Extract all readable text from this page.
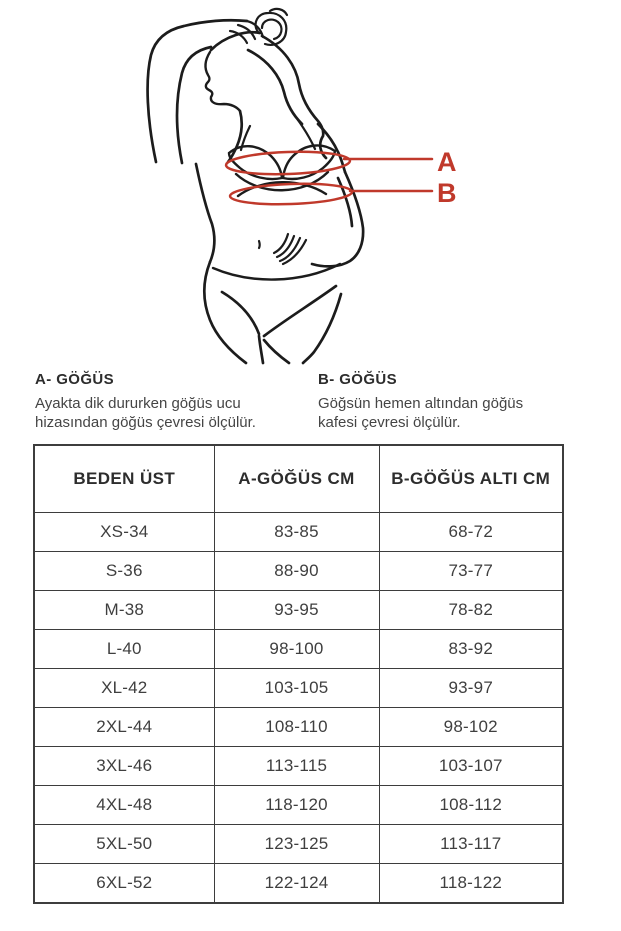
A
B
A- GÖĞÜS
Ayakta dik dururken göğüs ucu
hizasından göğüs çevresi ölçülür.
B- GÖĞÜS
Göğsün hemen altından göğüs
kafesi çevresi ölçülür.
BEDEN ÜST	A-GÖĞÜS CM	B-GÖĞÜS ALTI CM
XS-34	83-85	68-72
S-36	88-90	73-77
M-38	93-95	78-82
L-40	98-100	83-92
XL-42	103-105	93-97
2XL-44	108-110	98-102
3XL-46	113-115	103-107
4XL-48	118-120	108-112
5XL-50	123-125	113-117
6XL-52	122-124	118-122
